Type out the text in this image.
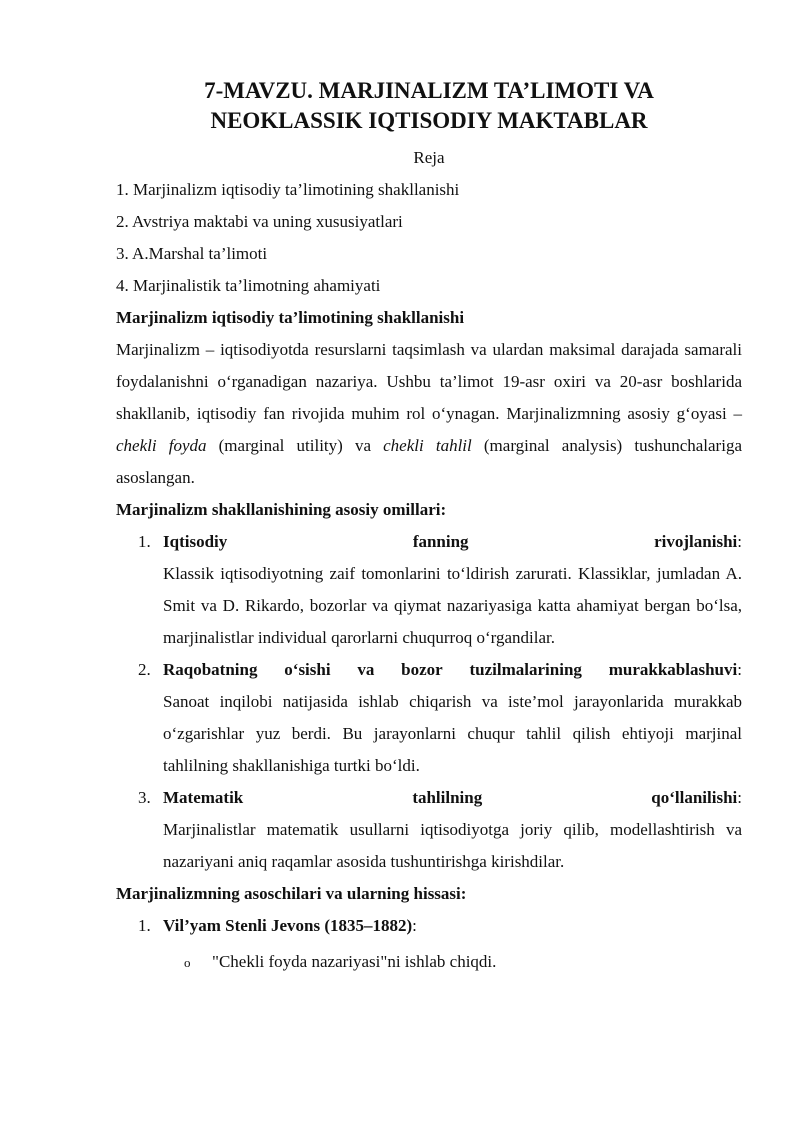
7-MAVZU. MARJINALIZM TA’LIMOTI VA
NEOKLASSIK IQTISODIY MAKTABLAR
Reja

1. Marjinalizm iqtisodiy ta’limotining shakllanishi

2. Avstriya maktabi va uning xususiyatlari

3. A.Marshal ta’limoti

4. Marjinalistik ta’limotning ahamiyati

Marjinalizm iqtisodiy ta’limotining shakllanishi

Marjinalizm – iqtisodiyotda resurslarni taqsimlash va ulardan maksimal darajada samarali foydalanishni o‘rganadigan nazariya. Ushbu ta’limot 19-asr oxiri va 20-asr boshlarida shakllanib, iqtisodiy fan rivojida muhim rol o‘ynagan. Marjinalizmning asosiy g‘oyasi – chekli foyda (marginal utility) va chekli tahlil (marginal analysis) tushunchalariga asoslangan.

Marjinalizm shakllanishining asosiy omillari:

1. Iqtisodiy	fanning	rivojlanishi:

Klassik iqtisodiyotning zaif tomonlarini to‘ldirish zarurati. Klassiklar, jumladan A. Smit va D. Rikardo, bozorlar va qiymat nazariyasiga katta ahamiyat bergan bo‘lsa, marjinalistlar individual qarorlarni chuqurroq o‘rgandilar.

2. Raqobatning o‘sishi va bozor tuzilmalarining murakkablashuvi:

Sanoat inqilobi natijasida ishlab chiqarish va iste’mol jarayonlarida murakkab o‘zgarishlar yuz berdi. Bu jarayonlarni chuqur tahlil qilish ehtiyoji marjinal tahlilning shakllanishiga turtki bo‘ldi.

3. Matematik	tahlilning	qo‘llanilishi:

Marjinalistlar matematik usullarni iqtisodiyotga joriy qilib, modellashtirish va nazariyani aniq raqamlar asosida tushuntirishga kirishdilar.

Marjinalizmning asoschilari va ularning hissasi:

1. Vil’yam Stenli Jevons (1835–1882):

o "Chekli foyda nazariyasi"ni ishlab chiqdi.
